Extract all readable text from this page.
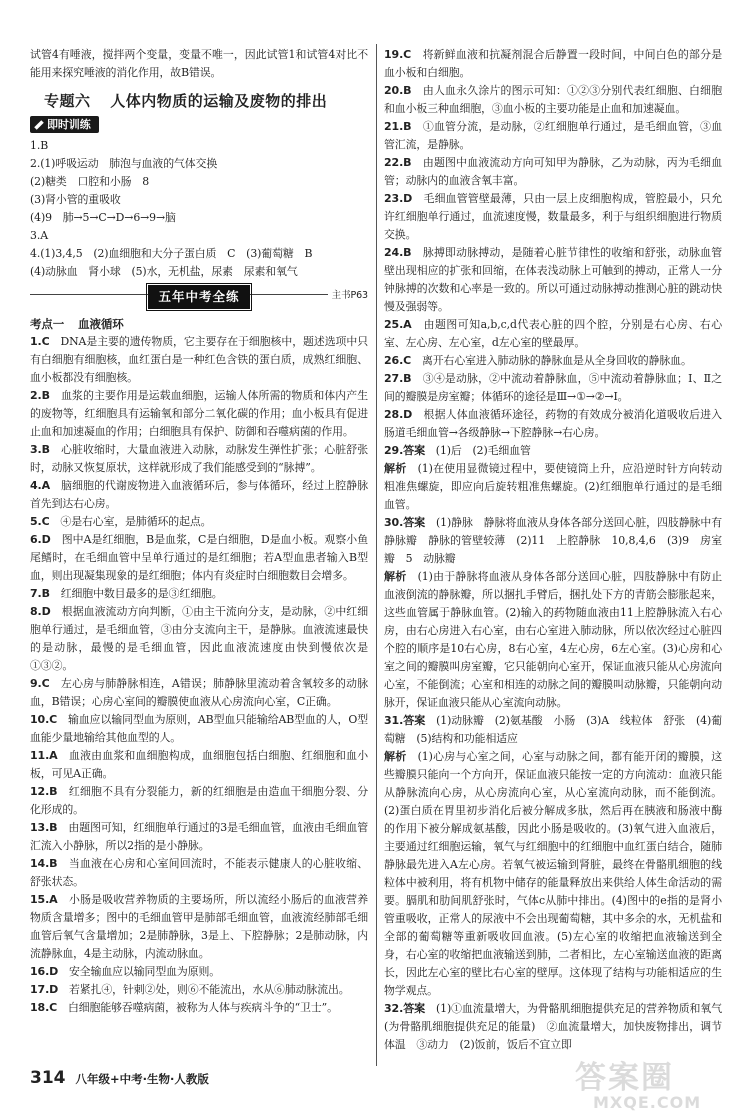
试管4有唾液，搅拌两个变量，变量不唯一，因此试管1和试管4对比不能用来探究唾液的消化作用，故B错误。

专题六 人体内物质的运输及废物的排出
即时训练

1.B

2.(1)呼吸运动　肺泡与血液的气体交换

(2)糖类　口腔和小肠　8

(3)肾小管的重吸收

(4)9　肺→5→C→D→6→9→脑

3.A

4.(1)3,4,5　(2)血细胞和大分子蛋白质　C　(3)葡萄糖　B

(4)动脉血　肾小球　(5)水，无机盐，尿素　尿素和氧气

五年中考全练	主书P63
考点一 血液循环

1.C　DNA是主要的遗传物质，它主要存在于细胞核中，题述选项中只有白细胞有细胞核，血红蛋白是一种红色含铁的蛋白质，成熟红细胞、血小板都没有细胞核。

2.B　血浆的主要作用是运载血细胞，运输人体所需的物质和体内产生的废物等，红细胞具有运输氧和部分二氧化碳的作用；血小板具有促进止血和加速凝血的作用；白细胞具有保护、防御和吞噬病菌的作用。

3.B　心脏收缩时，大量血液进入动脉，动脉发生弹性扩张；心脏舒张时，动脉又恢复原状，这样就形成了我们能感受到的“脉搏”。

4.A　脑细胞的代谢废物进入血液循环后，参与体循环，经过上腔静脉首先到达右心房。

5.C　④是右心室，是肺循环的起点。

6.D　图中A是红细胞，B是血浆，C是白细胞，D是血小板。观察小鱼尾鳍时，在毛细血管中呈单行通过的是红细胞；若A型血患者输入B型血，则出现凝集现象的是红细胞；体内有炎症时白细胞数目会增多。

7.B　红细胞中数目最多的是③红细胞。

8.D　根据血液流动方向判断，①由主干流向分支，是动脉，②中红细胞单行通过，是毛细血管，③由分支流向主干，是静脉。血液流速最快的是动脉，最慢的是毛细血管，因此血液流速度由快到慢依次是①③②。

9.C　左心房与肺静脉相连，A错误；肺静脉里流动着含氧较多的动脉血，B错误；心房心室间的瓣膜使血液从心房流向心室，C正确。

10.C　输血应以输同型血为原则，AB型血只能输给AB型血的人，O型血能少量地输给其他血型的人。

11.A　血液由血浆和血细胞构成，血细胞包括白细胞、红细胞和血小板，可见A正确。

12.B　红细胞不具有分裂能力，新的红细胞是由造血干细胞分裂、分化形成的。

13.B　由题图可知，红细胞单行通过的3是毛细血管，血液由毛细血管汇流入小静脉，所以2指的是小静脉。

14.B　当血液在心房和心室间回流时，不能表示健康人的心脏收缩、舒张状态。

15.A　小肠是吸收营养物质的主要场所，所以流经小肠后的血液营养物质含量增多；图中的毛细血管甲是肺部毛细血管，血液流经肺部毛细血管后氧气含量增加；2是肺静脉，3是上、下腔静脉；2是肺动脉，内流静脉血，4是主动脉，内流动脉血。

16.D　安全输血应以输同型血为原则。

17.D　若紧扎④，针刺②处，则⑥不能流出，水从⑥肺动脉流出。

18.C　白细胞能够吞噬病菌，被称为人体与疾病斗争的“卫士”。

19.C　将新鲜血液和抗凝剂混合后静置一段时间，中间白色的部分是血小板和白细胞。

20.B　由人血永久涂片的图示可知：①②③分别代表红细胞、白细胞和血小板三种血细胞，③血小板的主要功能是止血和加速凝血。

21.B　①血管分流，是动脉，②红细胞单行通过，是毛细血管，③血管汇流，是静脉。

22.B　由题图中血液流动方向可知甲为静脉，乙为动脉，丙为毛细血管；动脉内的血液含氧丰富。

23.D　毛细血管管壁最薄，只由一层上皮细胞构成，管腔最小，只允许红细胞单行通过，血流速度慢，数量最多，利于与组织细胞进行物质交换。

24.B　脉搏即动脉搏动，是随着心脏节律性的收缩和舒张，动脉血管壁出现相应的扩张和回缩，在体表浅动脉上可触到的搏动，正常人一分钟脉搏的次数和心率是一致的。所以可通过动脉搏动推测心脏的跳动快慢及强弱等。

25.A　由题图可知a,b,c,d代表心脏的四个腔，分别是右心房、右心室、左心房、左心室，d左心室的壁最厚。

26.C　离开右心室进入肺动脉的静脉血是从全身回收的静脉血。

27.B　③④是动脉，②中流动着静脉血，⑤中流动着静脉血；Ⅰ、Ⅱ之间的瓣膜是房室瓣；体循环的途径是Ⅲ→①→②→Ⅰ。

28.D　根据人体血液循环途径，药物的有效成分被消化道吸收后进入肠道毛细血管→各级静脉→下腔静脉→右心房。

29.答案　(1)后　(2)毛细血管

解析　(1)在使用显微镜过程中，要使镜筒上升，应沿逆时针方向转动粗准焦螺旋，即应向后旋转粗准焦螺旋。(2)红细胞单行通过的是毛细血管。

30.答案　(1)静脉　静脉将血液从身体各部分送回心脏，四肢静脉中有静脉瓣　静脉的管壁较薄　(2)11　上腔静脉　10,8,4,6　(3)9　房室瓣　5　动脉瓣

解析　(1)由于静脉将血液从身体各部分送回心脏，四肢静脉中有防止血液倒流的静脉瓣，所以捆扎手臂后，捆扎处下方的青筋会膨胀起来，这些血管属于静脉血管。(2)输入的药物随血液由11上腔静脉流入右心房，由右心房进入右心室，由右心室进入肺动脉，所以依次经过心脏四个腔的顺序是10右心房，8右心室，4左心房，6左心室。(3)心房和心室之间的瓣膜叫房室瓣，它只能朝向心室开，保证血液只能从心房流向心室，不能倒流；心室和相连的动脉之间的瓣膜叫动脉瓣，只能朝向动脉开，保证血液只能从心室流向动脉。

31.答案　(1)动脉瓣　(2)氨基酸　小肠　(3)A　线粒体　舒张　(4)葡萄糖　(5)结构和功能相适应

解析　(1)心房与心室之间，心室与动脉之间，都有能开闭的瓣膜，这些瓣膜只能向一个方向开，保证血液只能按一定的方向流动：血液只能从静脉流向心房，从心房流向心室，从心室流向动脉，而不能倒流。(2)蛋白质在胃里初步消化后被分解成多肽，然后再在胰液和肠液中酶的作用下被分解成氨基酸，因此小肠是吸收的。(3)氧气进入血液后，主要通过红细胞运输，氧气与红细胞中的红细胞中血红蛋白结合，随肺静脉最先进入A左心房。若氧气被运输到肾脏，最终在骨骼肌细胞的线粒体中被利用，将有机物中储存的能量释放出来供给人体生命活动的需要。膈肌和肋间肌舒张时，气体c从肺中排出。(4)图中的e指的是肾小管重吸收，正常人的尿液中不会出现葡萄糖，其中多余的水，无机盐和全部的葡萄糖等重新吸收回血液。(5)左心室的收缩把血液输送到全身，右心室的收缩把血液输送到肺，二者相比，左心室输送血液的距离长，因此左心室的壁比右心室的壁厚。这体现了结构与功能相适应的生物学观点。

32.答案　(1)①血流量增大，为骨骼肌细胞提供充足的营养物质和氧气(为骨骼肌细胞提供充足的能量)　②血流量增大，加快废物排出，调节体温　③动力　(2)饭前，饭后不宜立即

314 八年级+中考·生物·人教版	答案圈
MXQE.COM
